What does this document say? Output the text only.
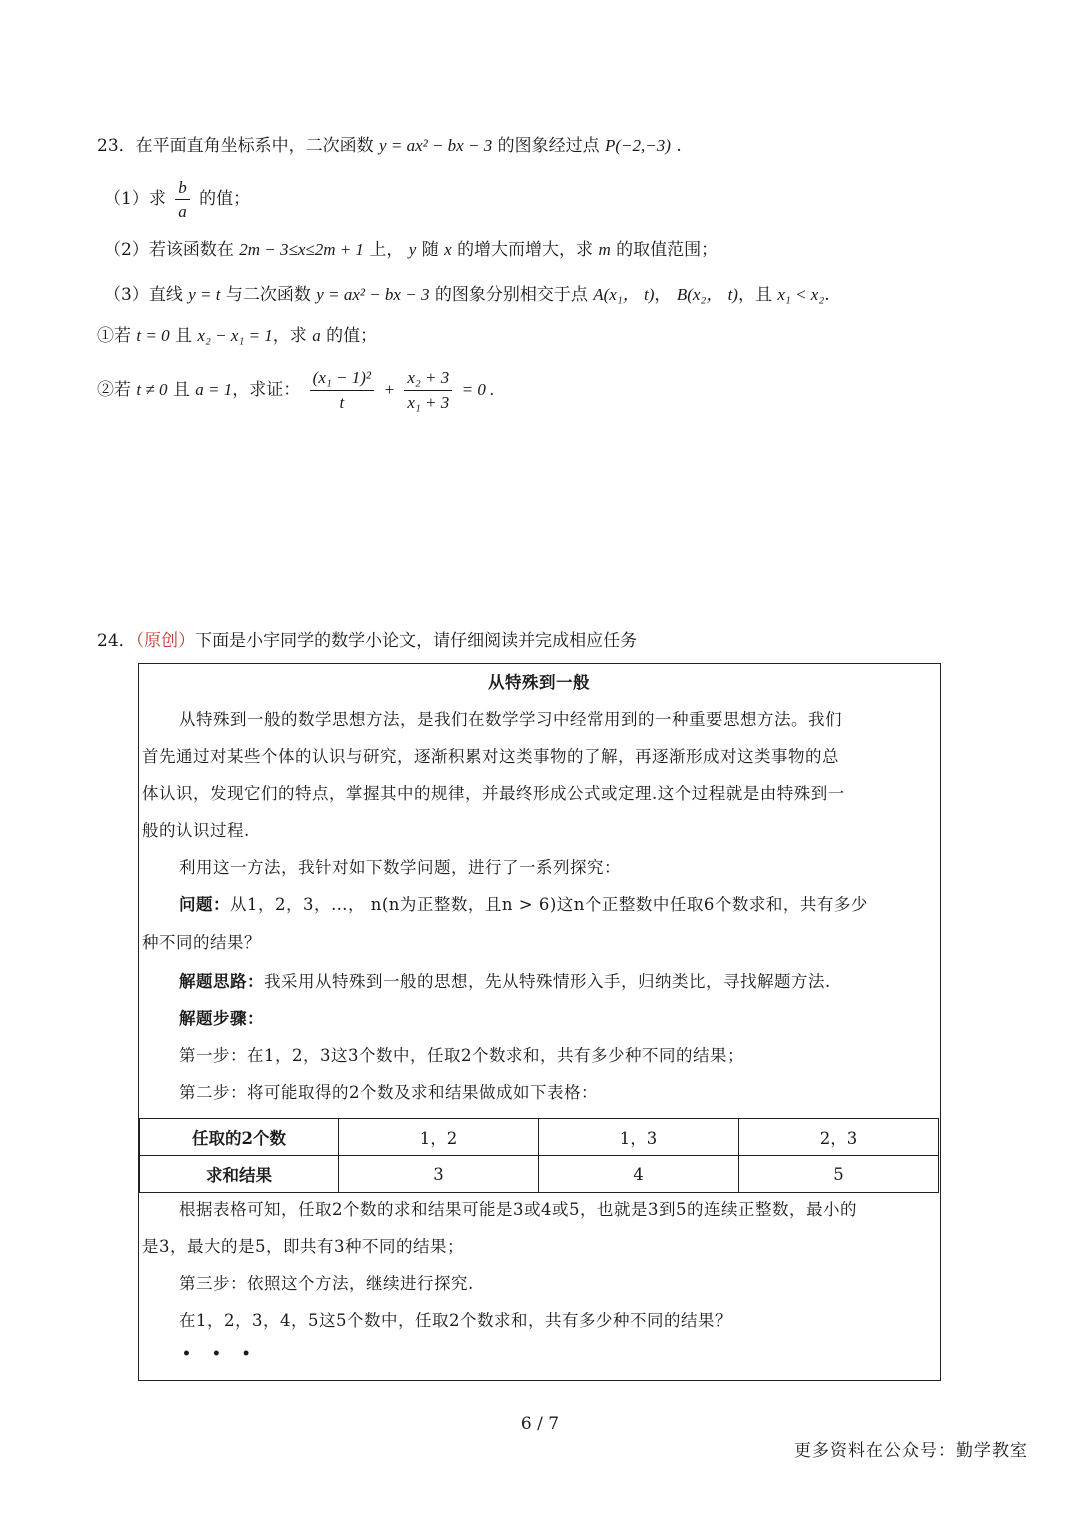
23．在平面直角坐标系中，二次函数 y = ax² − bx − 3 的图象经过点 P(−2,−3) .
（1）求 $\frac{b}{a}$ 的值；
（2）若该函数在 2m − 3≤x≤2m + 1 上， y 随 x 的增大而增大，求 m 的取值范围；
（3）直线 y = t 与二次函数 y = ax² − bx − 3 的图象分别相交于点 A(x₁， t)， B(x₂， t)，且 x₁ < x₂.
①若 t = 0 且 x₂ − x₁ = 1，求 a 的值；
②若 t ≠ 0 且 a = 1，求证： $\frac{\text{(x₁ − 1)²}}{t} + \frac{\text{x₂ + 3}}{\text{x₁ + 3}} = 0$ .
24．（原创）下面是小宇同学的数学小论文，请仔细阅读并完成相应任务
从特殊到一般
从特殊到一般的数学思想方法，是我们在数学学习中经常用到的一种重要思想方法。我们
首先通过对某些个体的认识与研究，逐渐积累对这类事物的了解，再逐渐形成对这类事物的总
体认识，发现它们的特点，掌握其中的规律，并最终形成公式或定理.这个过程就是由特殊到一
般的认识过程.
利用这一方法，我针对如下数学问题，进行了一系列探究：
问题：从1，2，3，…， n(n为正整数，且n > 6)这n个正整数中任取6个数求和，共有多少
种不同的结果？
解题思路：我采用从特殊到一般的思想，先从特殊情形入手，归纳类比，寻找解题方法.
解题步骤：
第一步：在1，2，3这3个数中，任取2个数求和，共有多少种不同的结果；
第二步：将可能取得的2个数及求和结果做成如下表格：
任取的2个数	1，2	1，3	2，3
求和结果	3	4	5
根据表格可知，任取2个数的求和结果可能是3或4或5，也就是3到5的连续正整数，最小的
是3，最大的是5，即共有3种不同的结果；
第三步：依照这个方法，继续进行探究.
在1，2，3，4，5这5个数中，任取2个数求和，共有多少种不同的结果？
• • •
6 / 7
更多资料在公众号：勤学教室
